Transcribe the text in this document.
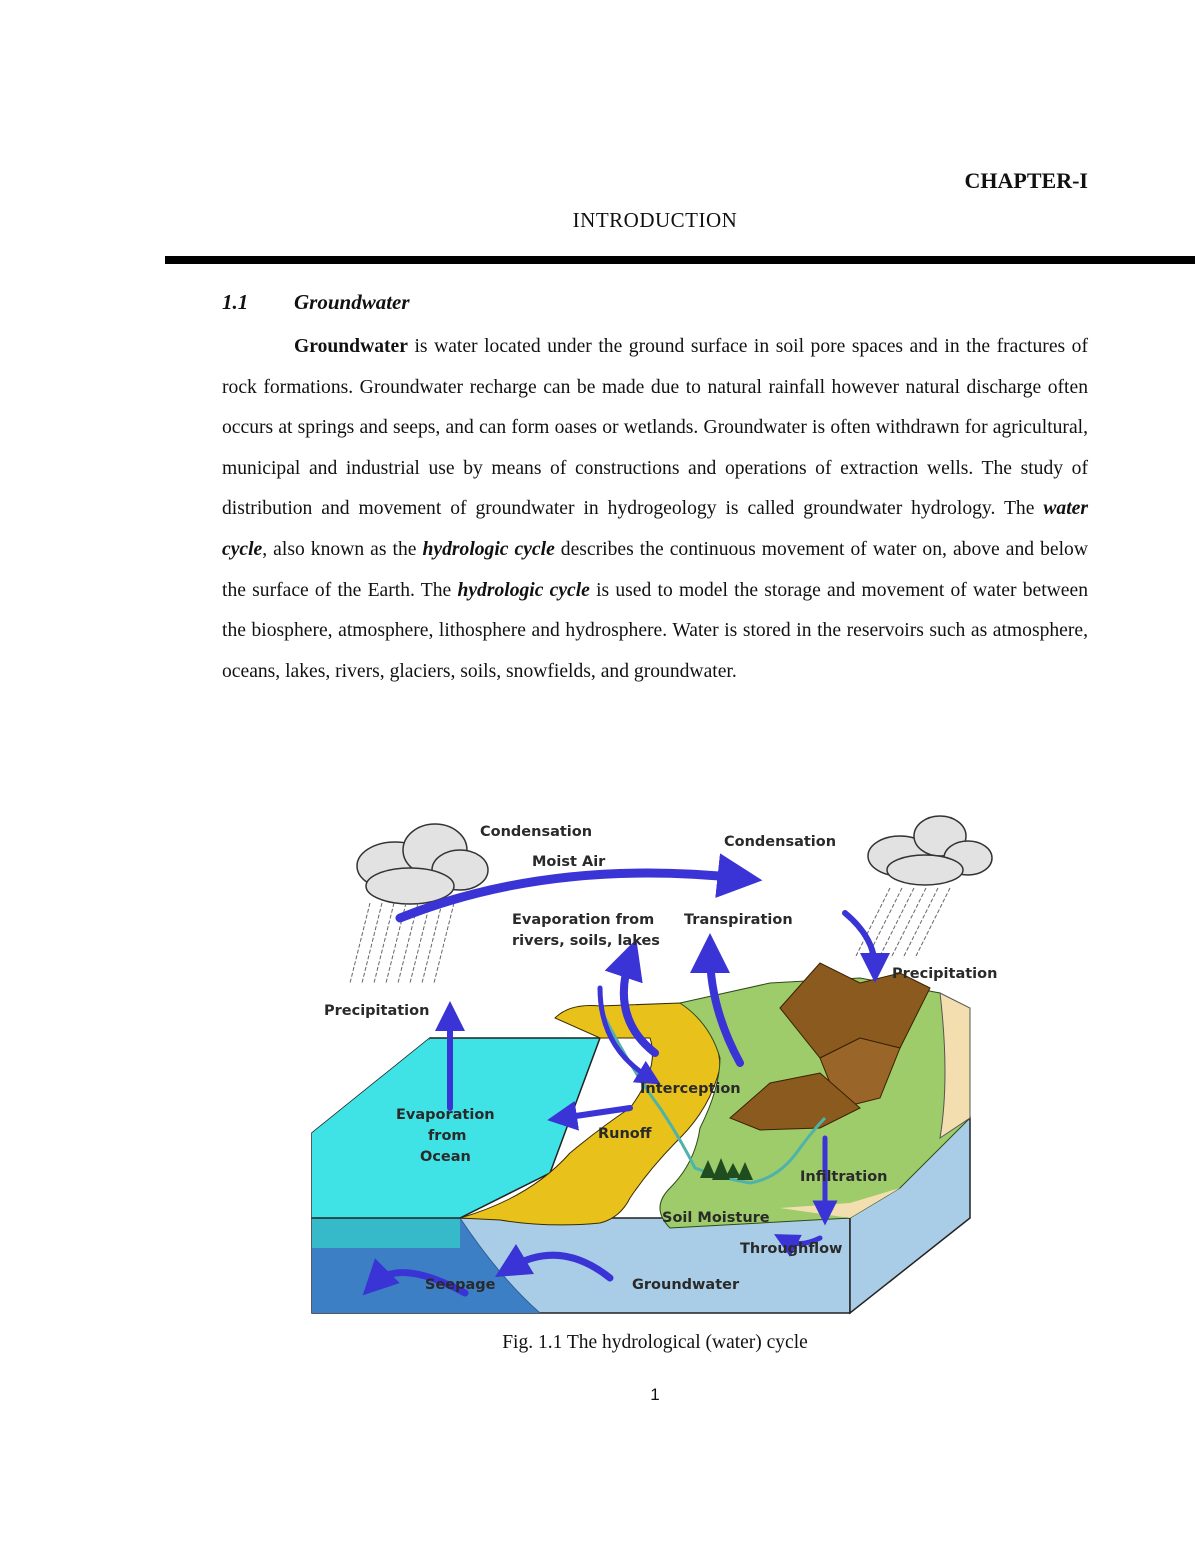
CHAPTER-I
INTRODUCTION
1.1 Groundwater

Groundwater is water located under the ground surface in soil pore spaces and in the fractures of rock formations. Groundwater recharge can be made due to natural rainfall however natural discharge often occurs at springs and seeps, and can form oases or wetlands. Groundwater is often withdrawn for agricultural, municipal and industrial use by means of constructions and operations of extraction wells. The study of distribution and movement of groundwater in hydrogeology is called groundwater hydrology. The water cycle, also known as the hydrologic cycle describes the continuous movement of water on, above and below the surface of the Earth. The hydrologic cycle is used to model the storage and movement of water between the biosphere, atmosphere, lithosphere and hydrosphere. Water is stored in the reservoirs such as atmosphere, oceans, lakes, rivers, glaciers, soils, snowfields, and groundwater.

Condensation
Moist Air
Condensation
Evaporation from
rivers, soils, lakes
Transpiration
Precipitation
Precipitation
Interception
Evaporation
from
Ocean
Runoff
Infiltration
Soil Moisture
Throughflow
Seepage	Groundwater
Fig. 1.1 The hydrological (water) cycle
1
